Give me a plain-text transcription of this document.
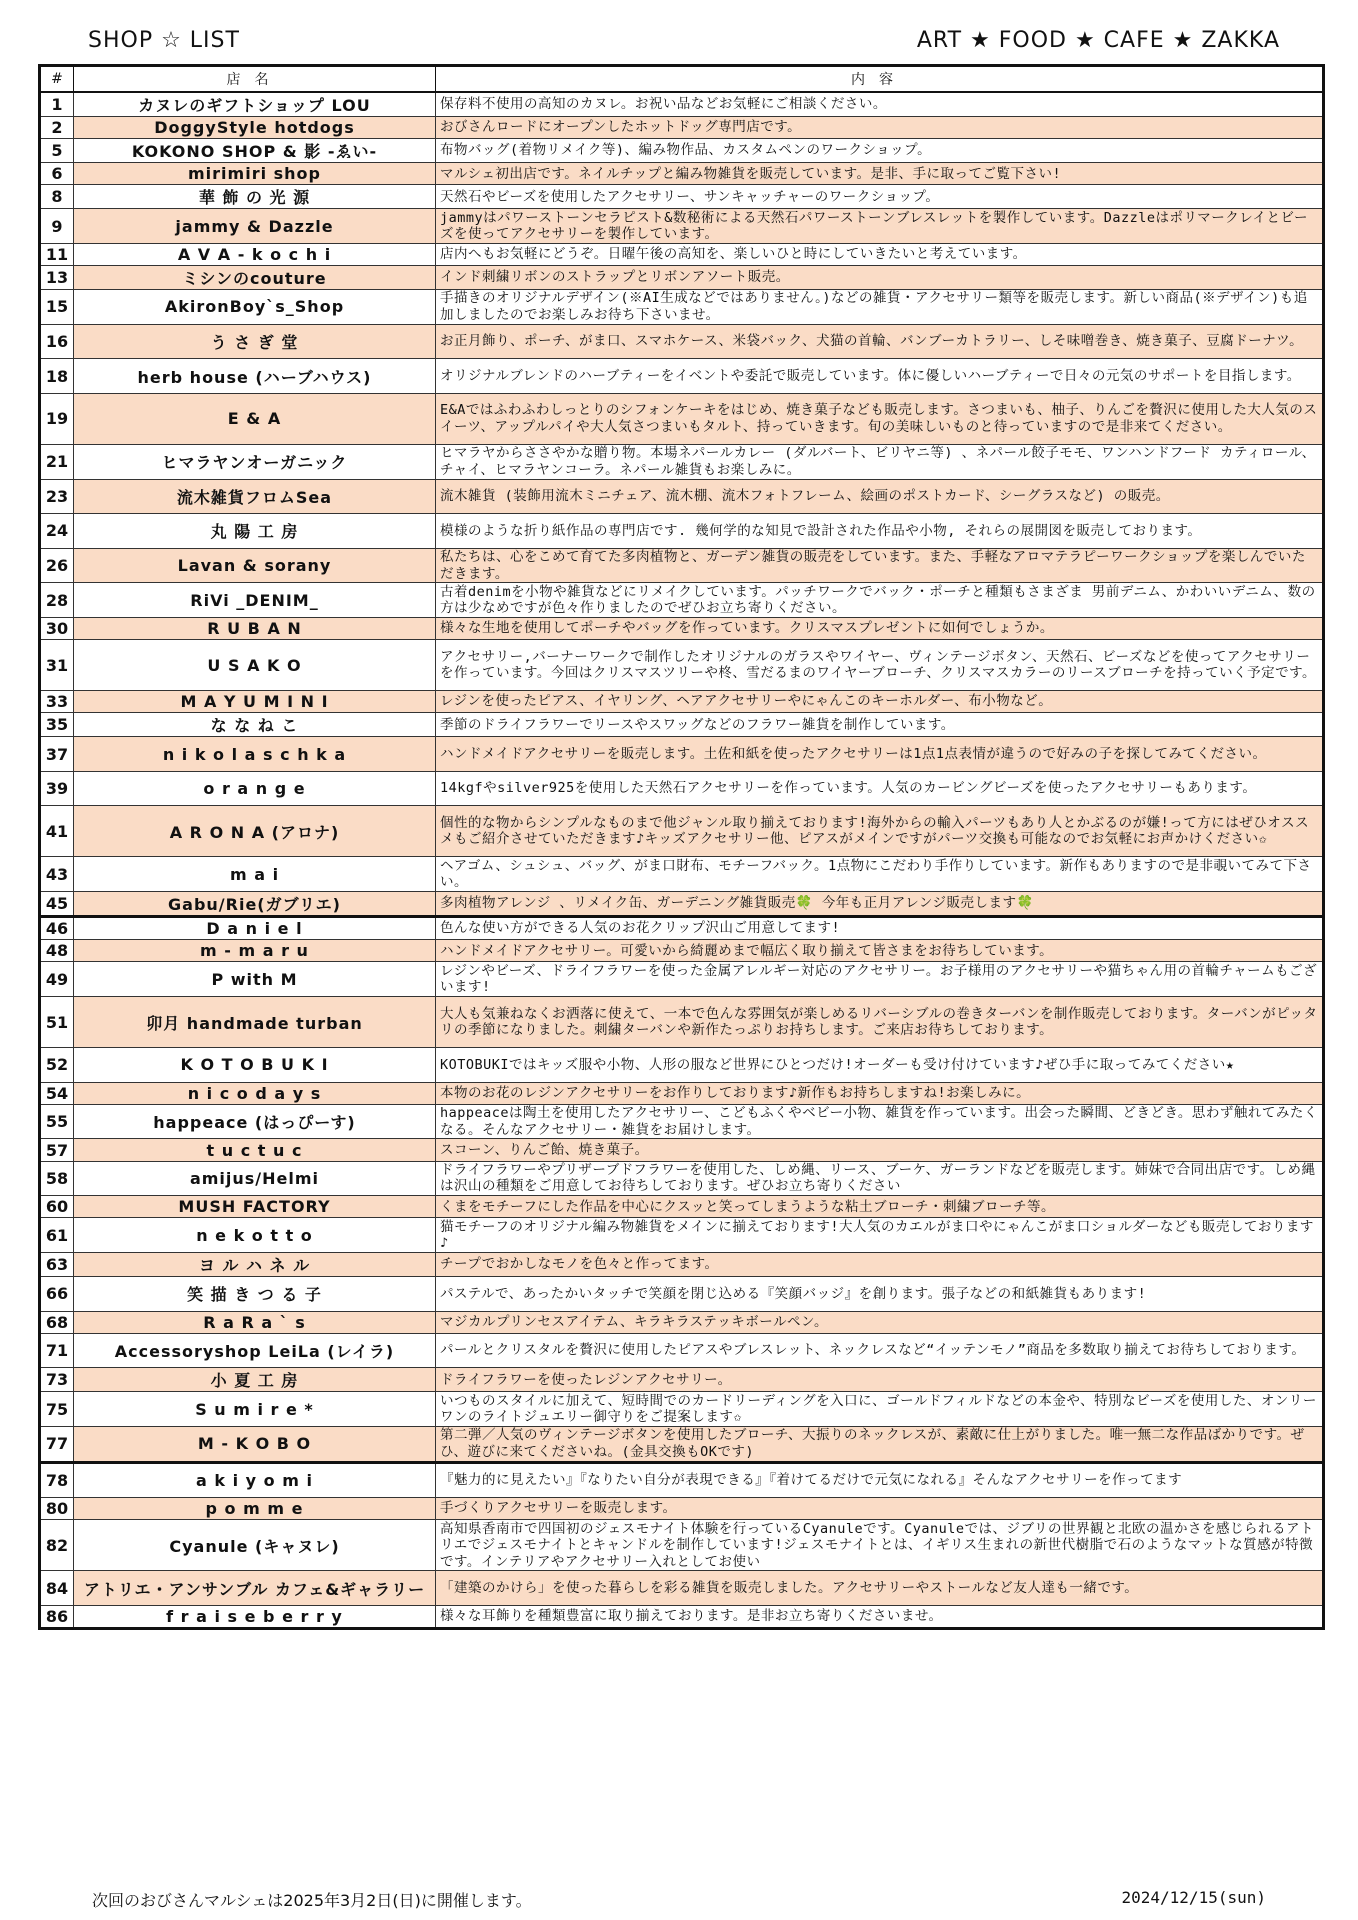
SHOP ☆ LIST	ART ★ FOOD ★ CAFE ★ ZAKKA
#	店名	内容
1	カヌレのギフトショップ LOU	保存料不使用の高知のカヌレ。お祝い品などお気軽にご相談ください。
2	DoggyStyle hotdogs	おびさんロードにオープンしたホットドッグ専門店です。
5	KOKONO SHOP & 影 -ゑい-	布物バッグ(着物リメイク等)、編み物作品、カスタムペンのワークショップ。
6	mirimiri shop	マルシェ初出店です。ネイルチップと編み物雑貨を販売しています。是非、手に取ってご覧下さい!
8	華 飾 の 光 源	天然石やビーズを使用したアクセサリー、サンキャッチャーのワークショップ。
9	jammy & Dazzle	jammyはパワーストーンセラピスト&数秘術による天然石パワーストーンブレスレットを製作しています。Dazzleはポリマークレイとビーズを使ってアクセサリーを製作しています。
11	A V A - k o c h i	店内へもお気軽にどうぞ。日曜午後の高知を、楽しいひと時にしていきたいと考えています。
13	ミシンのcouture	インド刺繍リボンのストラップとリボンアソート販売。
15	AkironBoy`s_Shop	手描きのオリジナルデザイン(※AI生成などではありません。)などの雑貨・アクセサリー類等を販売します。新しい商品(※デザイン)も追加しましたのでお楽しみお待ち下さいませ。
16	う さ ぎ 堂	お正月飾り、ポーチ、がま口、スマホケース、米袋バック、犬猫の首輪、バンブーカトラリー、しそ味噌巻き、焼き菓子、豆腐ドーナツ。
18	herb house (ハーブハウス)	オリジナルブレンドのハーブティーをイベントや委託で販売しています。体に優しいハーブティーで日々の元気のサポートを目指します。
19	E & A	E&Aではふわふわしっとりのシフォンケーキをはじめ、焼き菓子なども販売します。さつまいも、柚子、りんごを贅沢に使用した大人気のスイーツ、アップルパイや大人気さつまいもタルト、持っていきます。旬の美味しいものと待っていますので是非来てください。
21	ヒマラヤンオーガニック	ヒマラヤからささやかな贈り物。本場ネパールカレー (ダルバート、ビリヤニ等) 、ネパール餃子モモ、ワンハンドフード カティロール、チャイ、ヒマラヤンコーラ。ネパール雑貨もお楽しみに。
23	流木雑貨フロムSea	流木雑貨 (装飾用流木ミニチェア、流木棚、流木フォトフレーム、絵画のポストカード、シーグラスなど) の販売。
24	丸 陽 工 房	模様のような折り紙作品の専門店です. 幾何学的な知見で設計された作品や小物, それらの展開図を販売しております。
26	Lavan & sorany	私たちは、心をこめて育てた多肉植物と、ガーデン雑貨の販売をしています。また、手軽なアロマテラピーワークショップを楽しんでいただきます。
28	RiVi _DENIM_	古着denimを小物や雑貨などにリメイクしています。パッチワークでバック・ポーチと種類もさまざま 男前デニム、かわいいデニム、数の方は少なめですが色々作りましたのでぜひお立ち寄りください。
30	R U B A N	様々な生地を使用してポーチやバッグを作っています。クリスマスプレゼントに如何でしょうか。
31	U S A K O	アクセサリー,バーナーワークで制作したオリジナルのガラスやワイヤー、ヴィンテージボタン、天然石、ビーズなどを使ってアクセサリーを作っています。今回はクリスマスツリーや柊、雪だるまのワイヤーブローチ、クリスマスカラーのリースブローチを持っていく予定です。
33	M A Y U M I N I	レジンを使ったピアス、イヤリング、ヘアアクセサリーやにゃんこのキーホルダー、布小物など。
35	な な ね こ	季節のドライフラワーでリースやスワッグなどのフラワー雑貨を制作しています。
37	n i k o l a s c h k a	ハンドメイドアクセサリーを販売します。土佐和紙を使ったアクセサリーは1点1点表情が違うので好みの子を探してみてください。
39	o r a n g e	14kgfやsilver925を使用した天然石アクセサリーを作っています。人気のカービングビーズを使ったアクセサリーもあります。
41	A R O N A (アロナ)	個性的な物からシンプルなものまで他ジャンル取り揃えております!海外からの輸入パーツもあり人とかぶるのが嫌!って方にはぜひオススメもご紹介させていただきます♪キッズアクセサリー他、ピアスがメインですがパーツ交換も可能なのでお気軽にお声かけください✩
43	m a i	ヘアゴム、シュシュ、バッグ、がま口財布、モチーフバック。1点物にこだわり手作りしています。新作もありますので是非覗いてみて下さい。
45	Gabu/Rie(ガブリエ)	多肉植物アレンジ 、リメイク缶、ガーデニング雑貨販売🍀 今年も正月アレンジ販売します🍀
46	D a n i e l	色んな使い方ができる人気のお花クリップ沢山ご用意してます!
48	m - m a r u	ハンドメイドアクセサリー。可愛いから綺麗めまで幅広く取り揃えて皆さまをお待ちしています。
49	P with M	レジンやビーズ、ドライフラワーを使った金属アレルギー対応のアクセサリー。お子様用のアクセサリーや猫ちゃん用の首輪チャームもございます!
51	卯月 handmade turban	大人も気兼ねなくお洒落に使えて、一本で色んな雰囲気が楽しめるリバーシブルの巻きターバンを制作販売しております。ターバンがピッタリの季節になりました。刺繍ターバンや新作たっぷりお持ちします。ご来店お待ちしております。
52	K O T O B U K I	KOTOBUKIではキッズ服や小物、人形の服など世界にひとつだけ!オーダーも受け付けています♪ぜひ手に取ってみてください★
54	n i c o d a y s	本物のお花のレジンアクセサリーをお作りしております♪新作もお持ちしますね!お楽しみに。
55	happeace (はっぴーす)	happeaceは陶土を使用したアクセサリー、こどもふくやベビー小物、雑貨を作っています。出会った瞬間、どきどき。思わず触れてみたくなる。そんなアクセサリー・雑貨をお届けします。
57	t u c t u c	スコーン、りんご飴、焼き菓子。
58	amijus/Helmi	ドライフラワーやプリザーブドフラワーを使用した、しめ縄、リース、ブーケ、ガーランドなどを販売します。姉妹で合同出店です。しめ縄は沢山の種類をご用意してお待ちしております。ぜひお立ち寄りください
60	MUSH FACTORY	くまをモチーフにした作品を中心にクスッと笑ってしまうような粘土ブローチ・刺繍ブローチ等。
61	n e k o t t o	猫モチーフのオリジナル編み物雑貨をメインに揃えております!大人気のカエルがま口やにゃんこがま口ショルダーなども販売しております♪
63	ヨ ル ハ ネ ル	チープでおかしなモノを色々と作ってます。
66	笑 描 き つ る 子	パステルで、あったかいタッチで笑顔を閉じ込める『笑顔バッジ』を創ります。張子などの和紙雑貨もあります!
68	R a R a ` s	マジカルプリンセスアイテム、キラキラステッキボールペン。
71	Accessoryshop LeiLa (レイラ)	パールとクリスタルを贅沢に使用したピアスやブレスレット、ネックレスなど“イッテンモノ”商品を多数取り揃えてお待ちしております。
73	小 夏 工 房	ドライフラワーを使ったレジンアクセサリー。
75	S u m i r e *	いつものスタイルに加えて、短時間でのカードリーディングを入口に、ゴールドフィルドなどの本金や、特別なビーズを使用した、オンリーワンのライトジュエリー御守りをご提案します✩
77	M - K O B O	第二弾／人気のヴィンテージボタンを使用したブローチ、大振りのネックレスが、素敵に仕上がりました。唯一無二な作品ばかりです。ぜひ、遊びに来てくださいね。(金具交換もOKです)
78	a k i y o m i	『魅力的に見えたい』『なりたい自分が表現できる』『着けてるだけで元気になれる』そんなアクセサリーを作ってます
80	p o m m e	手づくりアクセサリーを販売します。
82	Cyanule (キャヌレ)	高知県香南市で四国初のジェスモナイト体験を行っているCyanuleです。Cyanuleでは、ジブリの世界観と北欧の温かさを感じられるアトリエでジェスモナイトとキャンドルを制作しています!ジェスモナイトとは、イギリス生まれの新世代樹脂で石のようなマットな質感が特徴です。インテリアやアクセサリー入れとしてお使い
84	アトリエ・アンサンブル カフェ&ギャラリー	「建築のかけら」を使った暮らしを彩る雑貨を販売しました。アクセサリーやストールなど友人達も一緒です。
86	f r a i s e b e r r y	様々な耳飾りを種類豊富に取り揃えております。是非お立ち寄りくださいませ。
次回のおびさんマルシェは2025年3月2日(日)に開催します。	2024/12/15(sun)
